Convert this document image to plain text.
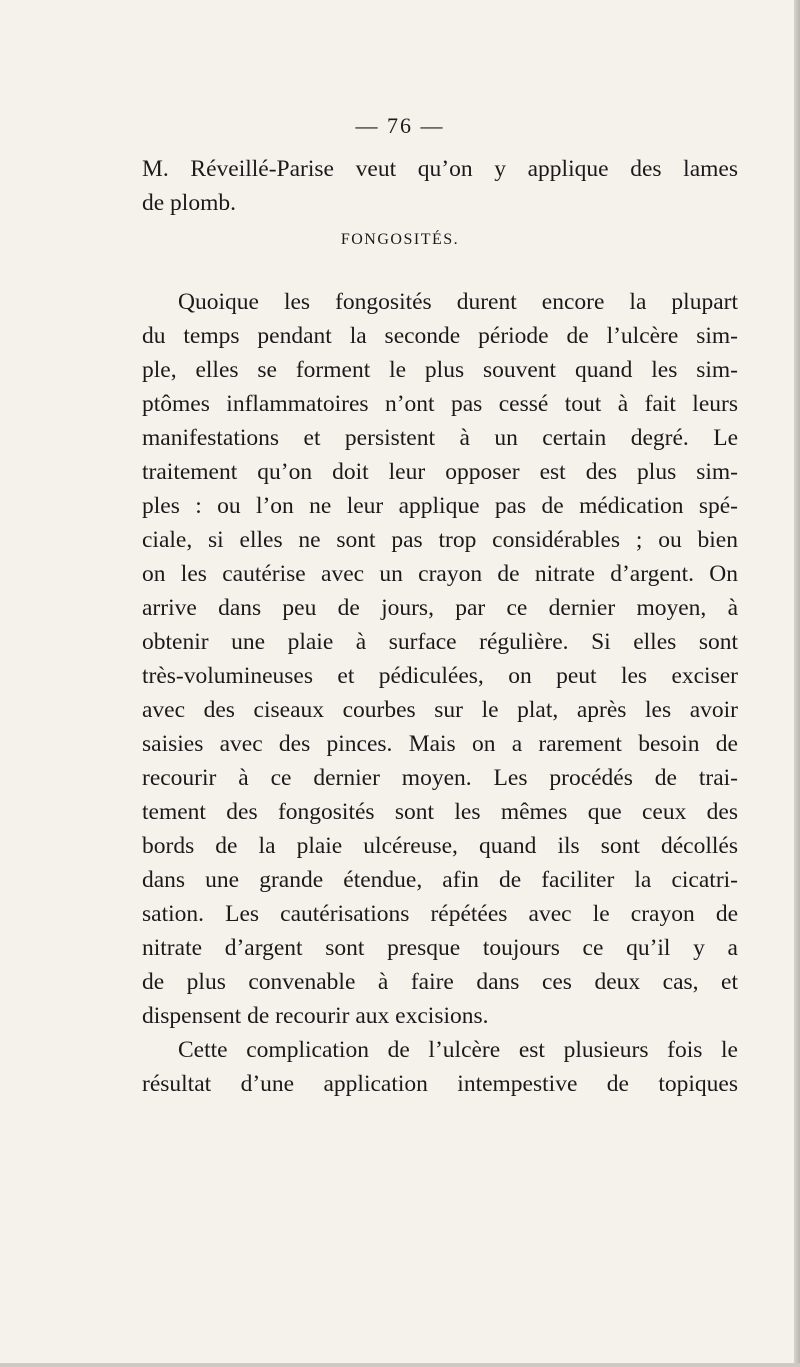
— 76 —
M. Réveillé-Parise veut qu’on y applique des lames
de plomb.
FONGOSITÉS.
Quoique les fongosités durent encore la plupart
du temps pendant la seconde période de l’ulcère sim-
ple, elles se forment le plus souvent quand les sim-
ptômes inflammatoires n’ont pas cessé tout à fait leurs
manifestations et persistent à un certain degré. Le
traitement qu’on doit leur opposer est des plus sim-
ples : ou l’on ne leur applique pas de médication spé-
ciale, si elles ne sont pas trop considérables ; ou bien
on les cautérise avec un crayon de nitrate d’argent. On
arrive dans peu de jours, par ce dernier moyen, à
obtenir une plaie à surface régulière. Si elles sont
très-volumineuses et pédiculées, on peut les exciser
avec des ciseaux courbes sur le plat, après les avoir
saisies avec des pinces. Mais on a rarement besoin de
recourir à ce dernier moyen. Les procédés de trai-
tement des fongosités sont les mêmes que ceux des
bords de la plaie ulcéreuse, quand ils sont décollés
dans une grande étendue, afin de faciliter la cicatri-
sation. Les cautérisations répétées avec le crayon de
nitrate d’argent sont presque toujours ce qu’il y a
de plus convenable à faire dans ces deux cas, et
dispensent de recourir aux excisions.
Cette complication de l’ulcère est plusieurs fois le
résultat d’une application intempestive de topiques
